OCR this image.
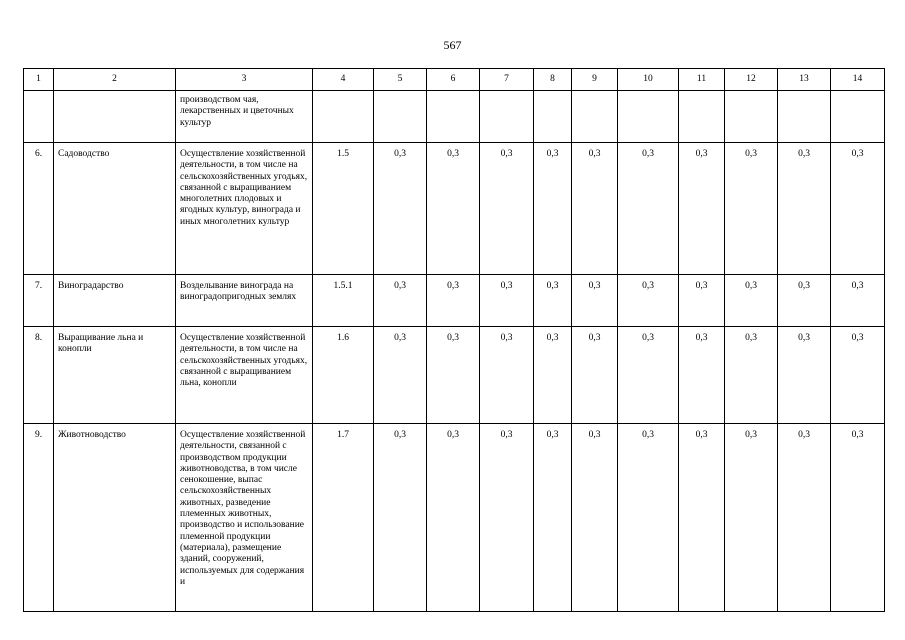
567
1	2	3	4	5	6	7	8	9	10	11	12	13	14
		производством чая, лекарственных и цветочных культур											
6.	Садоводство	Осуществление хозяйственной деятельности, в том числе на сельскохозяйственных угодьях, связанной с выращиванием многолетних плодовых и ягодных культур, винограда и иных многолетних культур	1.5	0,3	0,3	0,3	0,3	0,3	0,3	0,3	0,3	0,3	0,3
7.	Виноградарство	Возделывание винограда на виноградопригодных землях	1.5.1	0,3	0,3	0,3	0,3	0,3	0,3	0,3	0,3	0,3	0,3
8.	Выращивание льна и конопли	Осуществление хозяйственной деятельности, в том числе на сельскохозяйственных угодьях, связанной с выращиванием льна, конопли	1.6	0,3	0,3	0,3	0,3	0,3	0,3	0,3	0,3	0,3	0,3
9.	Животноводство	Осуществление хозяйственной деятельности, связанной с производством продукции животноводства, в том числе сенокошение, выпас сельскохозяйственных животных, разведение племенных животных, производство и использование племенной продукции (материала), размещение зданий, сооружений, используемых для содержания и	1.7	0,3	0,3	0,3	0,3	0,3	0,3	0,3	0,3	0,3	0,3
